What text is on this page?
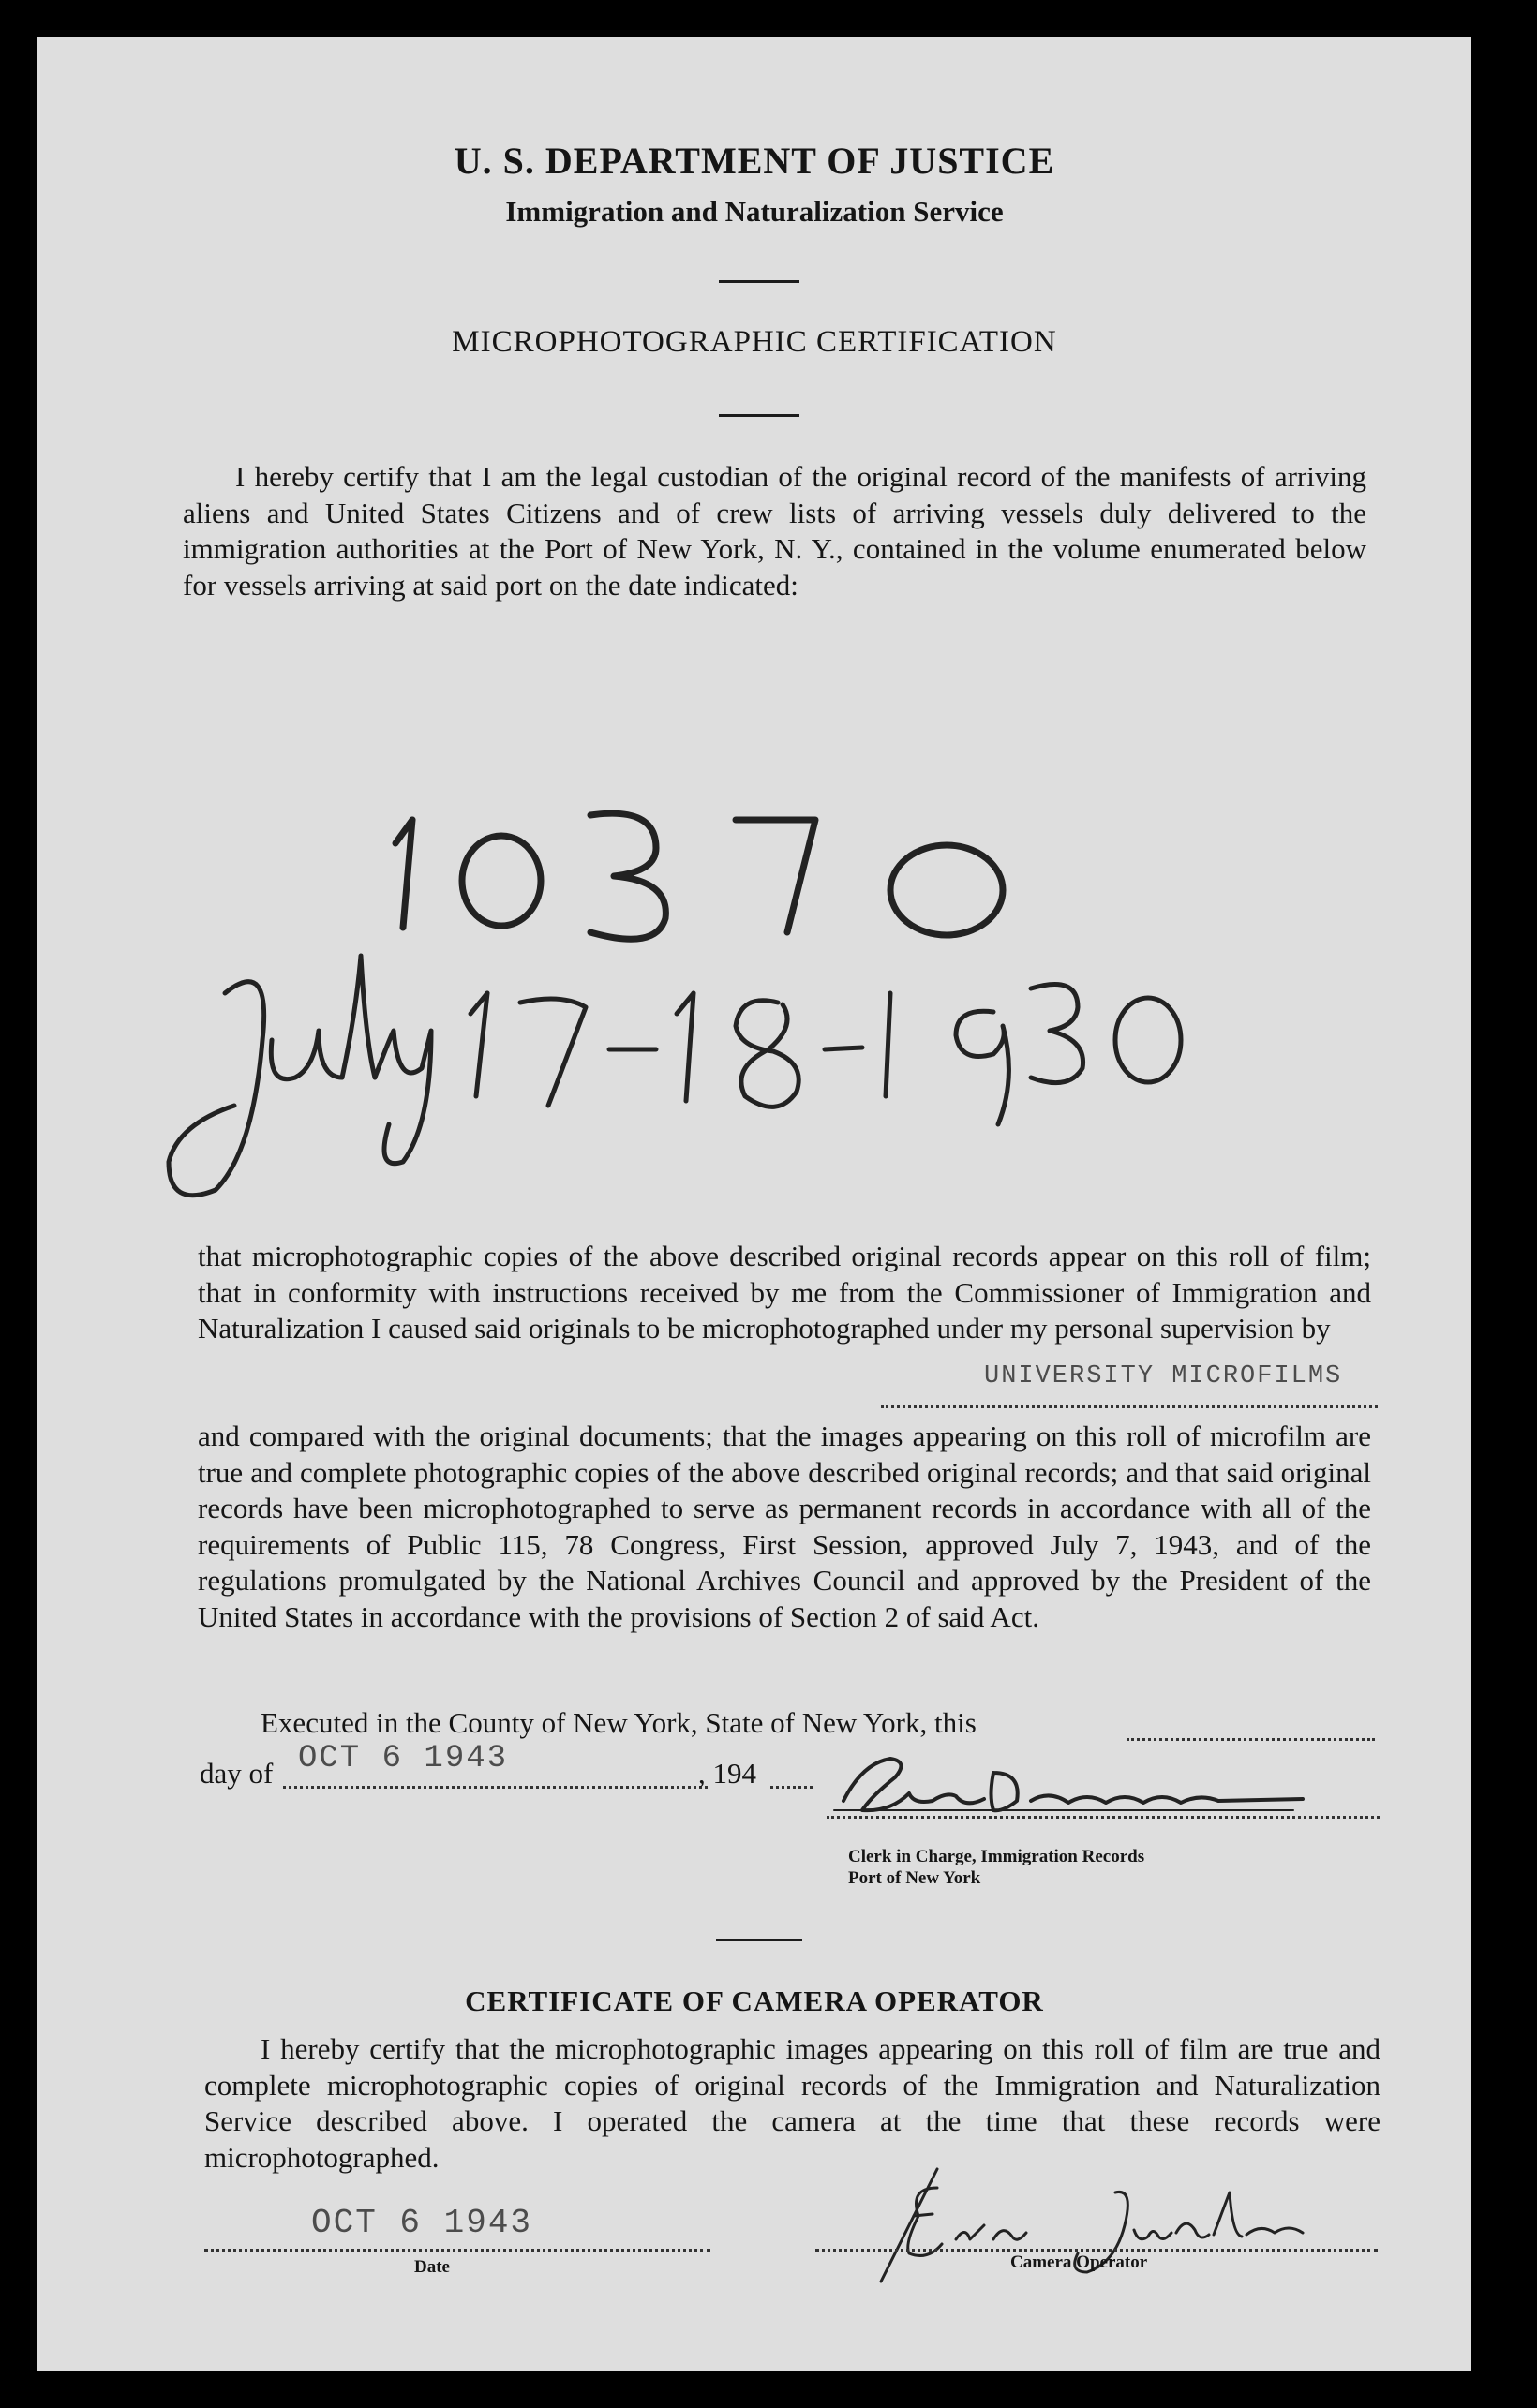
U. S. DEPARTMENT OF JUSTICE
Immigration and Naturalization Service
MICROPHOTOGRAPHIC CERTIFICATION

I hereby certify that I am the legal custodian of the original record of the manifests of arriving aliens and United States Citizens and of crew lists of arriving vessels duly delivered to the immigration authorities at the Port of New York, N. Y., contained in the volume enumerated below for vessels arriving at said port on the date indicated:

that microphotographic copies of the above described original records appear on this roll of film; that in conformity with instructions received by me from the Commissioner of Immigration and Naturalization I caused said originals to be microphotographed under my personal supervision by

UNIVERSITY MICROFILMS

and compared with the original documents; that the images appearing on this roll of microfilm are true and complete photographic copies of the above described original records; and that said original records have been microphotographed to serve as permanent records in accordance with all of the requirements of Public 115, 78 Congress, First Session, approved July 7, 1943, and of the regulations promulgated by the National Archives Council and approved by the President of the United States in accordance with the provisions of Section 2 of said Act.

Executed in the County of New York, State of New York, this
day of OCT 6 1943	, 194
Clerk in Charge, Immigration Records
Port of New York
CERTIFICATE OF CAMERA OPERATOR

I hereby certify that the microphotographic images appearing on this roll of film are true and complete microphotographic copies of original records of the Immigration and Naturalization Service described above. I operated the camera at the time that these records were microphotographed.

OCT 6 1943
Date	Camera Operator
